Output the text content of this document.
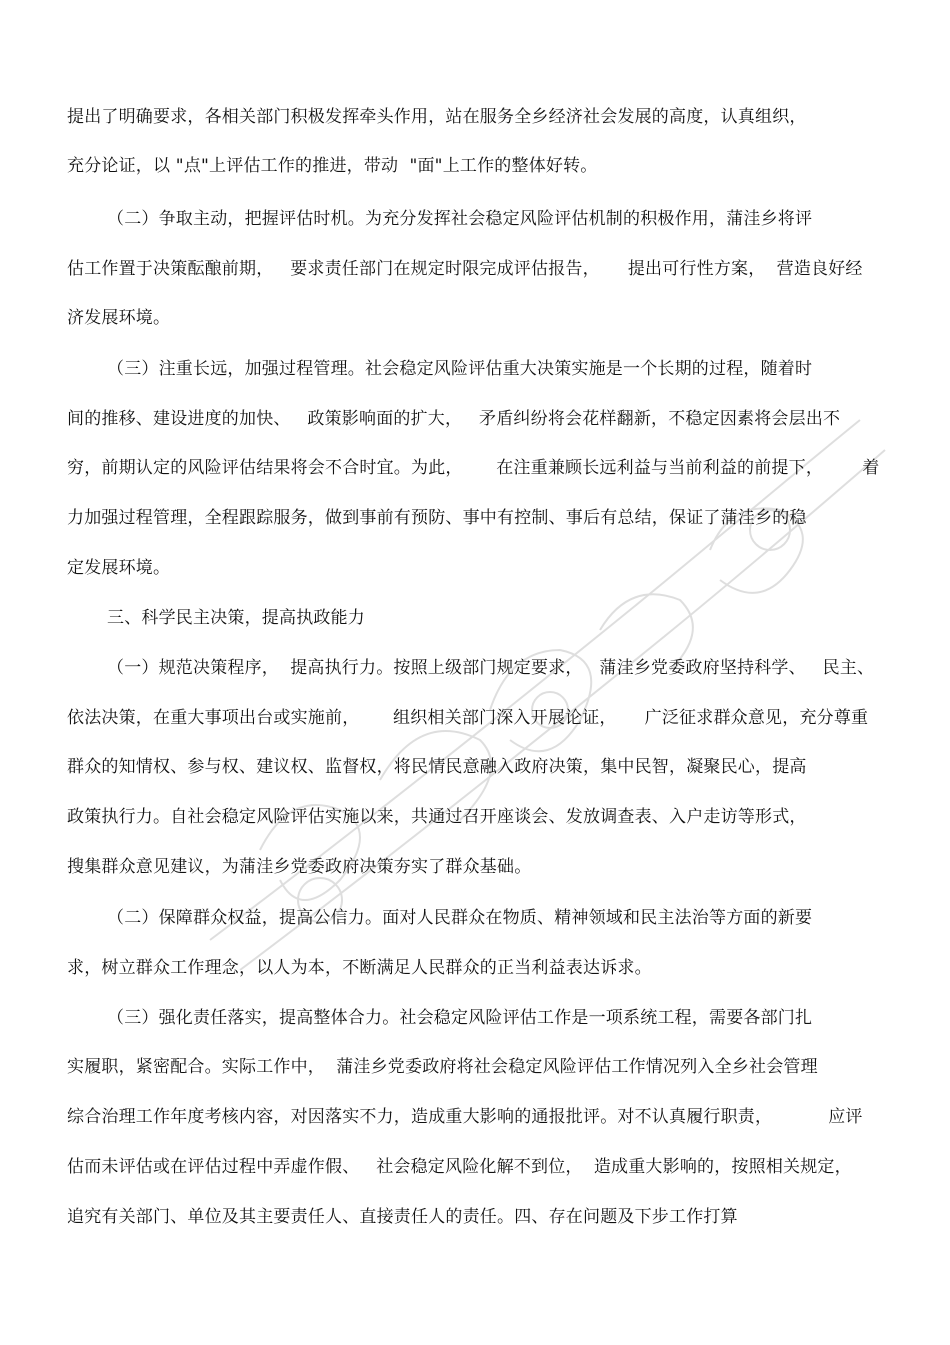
提出了明确要求，各相关部门积极发挥牵头作用，站在服务全乡经济社会发展的高度，认真组织，
充分论证，以 "点"上评估工作的推进，带动  "面"上工作的整体好转。
（二）争取主动，把握评估时机。为充分发挥社会稳定风险评估机制的积极作用，蒲洼乡将评
估工作置于决策酝酿前期，   要求责任部门在规定时限完成评估报告，     提出可行性方案，  营造良好经
济发展环境。
（三）注重长远，加强过程管理。社会稳定风险评估重大决策实施是一个长期的过程，随着时
间的推移、建设进度的加快、   政策影响面的扩大，   矛盾纠纷将会花样翻新，不稳定因素将会层出不
穷，前期认定的风险评估结果将会不合时宜。为此，      在注重兼顾长远利益与当前利益的前提下，       着
力加强过程管理，全程跟踪服务，做到事前有预防、事中有控制、事后有总结，保证了蒲洼乡的稳
定发展环境。
三、科学民主决策，提高执政能力
（一）规范决策程序，  提高执行力。按照上级部门规定要求，   蒲洼乡党委政府坚持科学、   民主、
依法决策，在重大事项出台或实施前，      组织相关部门深入开展论证，     广泛征求群众意见，充分尊重
群众的知情权、参与权、建议权、监督权，将民情民意融入政府决策，集中民智，凝聚民心，提高
政策执行力。自社会稳定风险评估实施以来，共通过召开座谈会、发放调查表、入户走访等形式，
搜集群众意见建议，为蒲洼乡党委政府决策夯实了群众基础。
（二）保障群众权益，提高公信力。面对人民群众在物质、精神领域和民主法治等方面的新要
求，树立群众工作理念，以人为本，不断满足人民群众的正当利益表达诉求。
（三）强化责任落实，提高整体合力。社会稳定风险评估工作是一项系统工程，需要各部门扎
实履职，紧密配合。实际工作中，  蒲洼乡党委政府将社会稳定风险评估工作情况列入全乡社会管理
综合治理工作年度考核内容，对因落实不力，造成重大影响的通报批评。对不认真履行职责，          应评
估而未评估或在评估过程中弄虚作假、   社会稳定风险化解不到位，  造成重大影响的，按照相关规定，
追究有关部门、单位及其主要责任人、直接责任人的责任。四、存在问题及下步工作打算
